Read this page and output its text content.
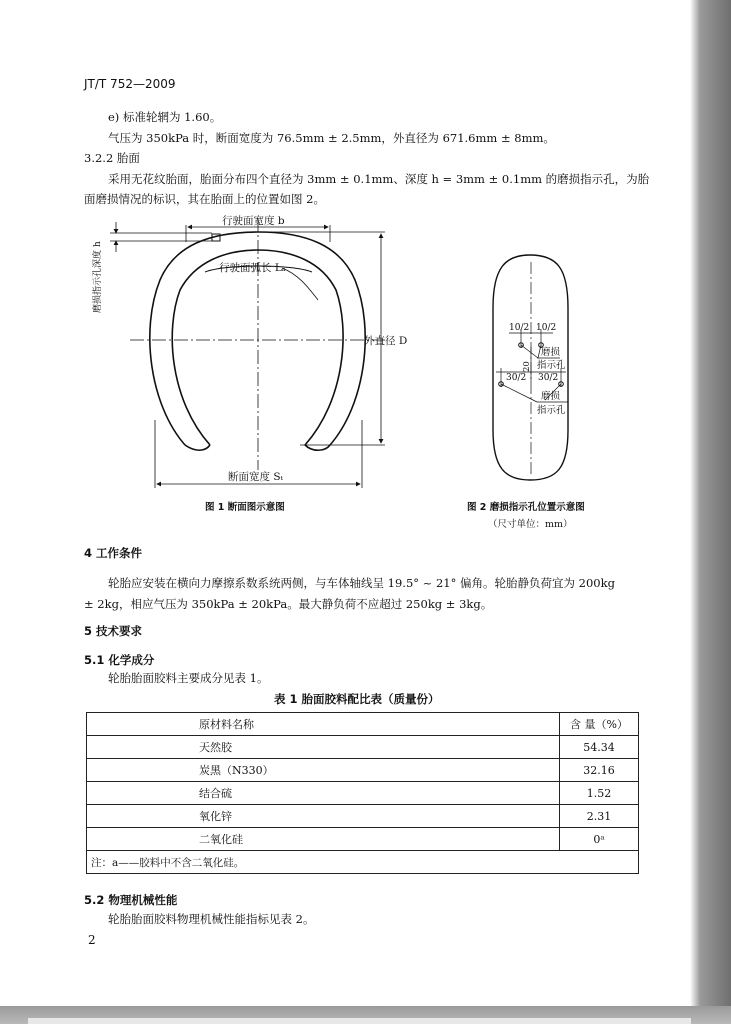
JT/T 752—2009
e) 标准轮辋为 1.60。
气压为 350kPa 时，断面宽度为 76.5mm ± 2.5mm，外直径为 671.6mm ± 8mm。
3.2.2 胎面
采用无花纹胎面，胎面分布四个直径为 3mm ± 0.1mm、深度 h = 3mm ± 0.1mm 的磨损指示孔，为胎
面磨损情况的标识，其在胎面上的位置如图 2。
行驶面宽度 b
磨损指示孔深度 h	行驶面弧长 Lₐ
外直径 D
断面宽度 Sₜ
图 1 断面图示意图
10/2 10/2
20
30/2 30/2
磨损
指示孔
磨损
指示孔
图 2 磨损指示孔位置示意图
（尺寸单位：mm）
4 工作条件
轮胎应安装在横向力摩擦系数系统两侧，与车体轴线呈 19.5° ~ 21° 偏角。轮胎静负荷宜为 200kg
± 2kg，相应气压为 350kPa ± 20kPa。最大静负荷不应超过 250kg ± 3kg。
5 技术要求
5.1 化学成分
轮胎胎面胶料主要成分见表 1。
表 1 胎面胶料配比表（质量份）
原材料名称	含 量（%）
天然胶	54.34
炭黑（N330）	32.16
结合硫	1.52
氧化锌	2.31
二氧化硅	0ᵃ
注：a——胶料中不含二氧化硅。	
5.2 物理机械性能
轮胎胎面胶料物理机械性能指标见表 2。
2
